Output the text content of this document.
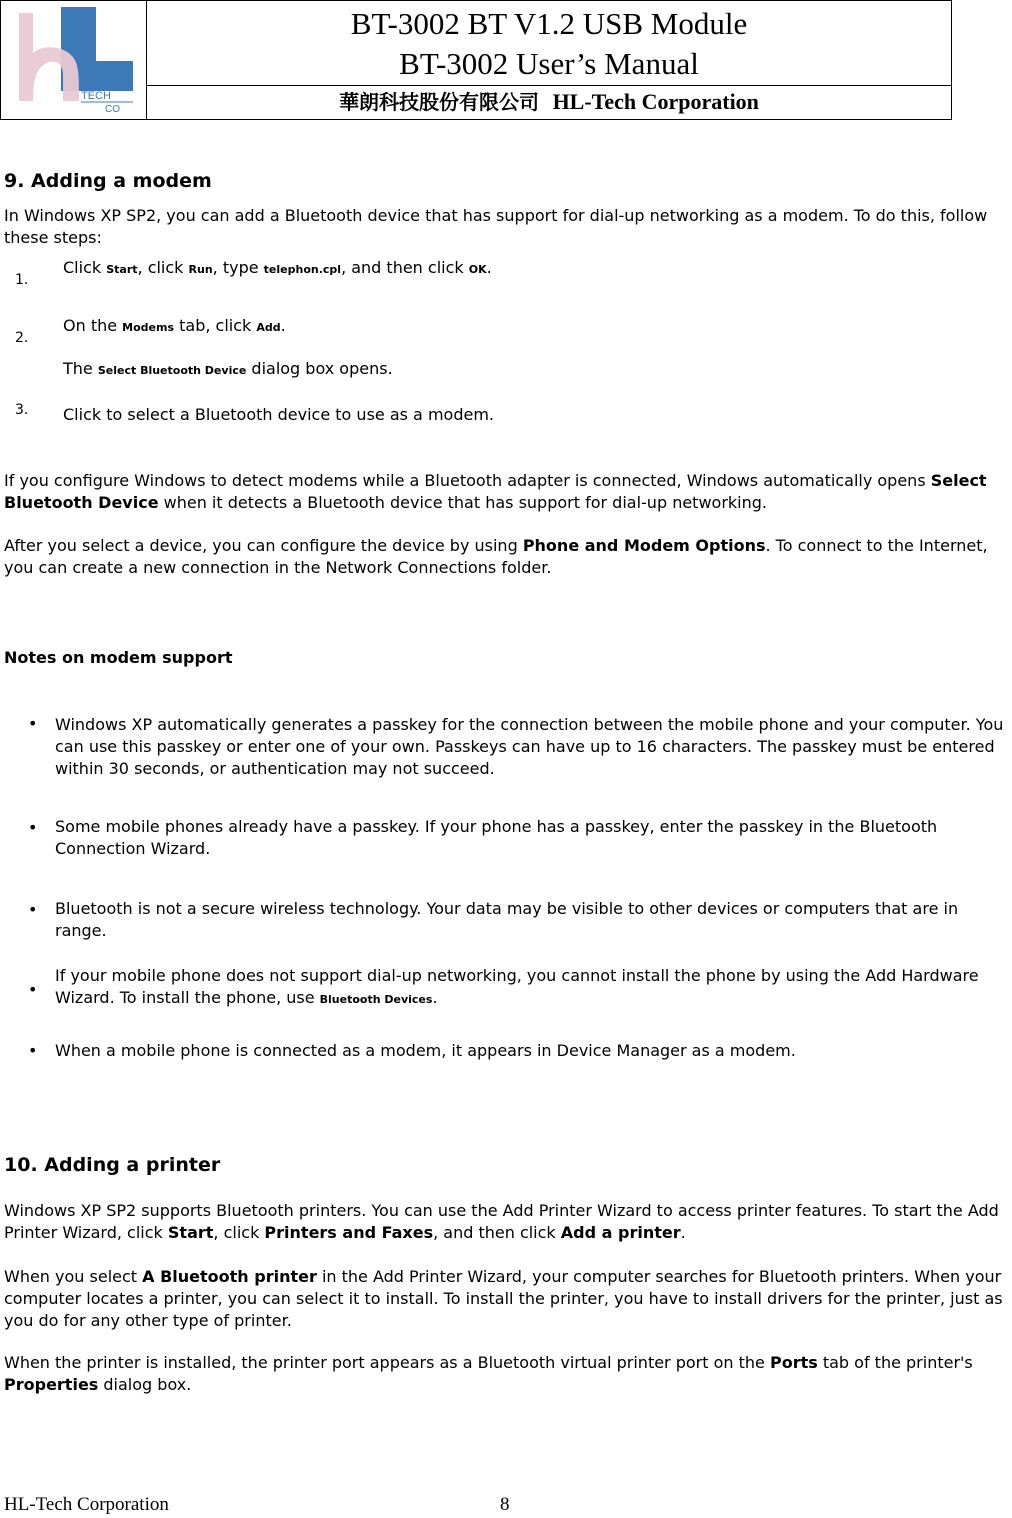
TECH
CO
BT-3002 BT V1.2 USB Module
BT-3002 User’s Manual
華朗科技股份有限公司 HL-Tech Corporation
9. Adding a modem

In Windows XP SP2, you can add a Bluetooth device that has support for dial-up networking as a modem. To do this, follow these steps:

1.
Click Start, click Run, type telephon.cpl, and then click OK.
2.
On the Modems tab, click Add.
The Select Bluetooth Device dialog box opens.
3. Click to select a Bluetooth device to use as a modem.

If you configure Windows to detect modems while a Bluetooth adapter is connected, Windows automatically opens Select Bluetooth Device when it detects a Bluetooth device that has support for dial-up networking.

After you select a device, you can configure the device by using Phone and Modem Options. To connect to the Internet, you can create a new connection in the Network Connections folder.

Notes on modem support
• Windows XP automatically generates a passkey for the connection between the mobile phone and your computer. You can use this passkey or enter one of your own. Passkeys can have up to 16 characters. The passkey must be entered within 30 seconds, or authentication may not succeed.

• Some mobile phones already have a passkey. If your phone has a passkey, enter the passkey in the Bluetooth Connection Wizard.

• Bluetooth is not a secure wireless technology. Your data may be visible to other devices or computers that are in range.

•

If your mobile phone does not support dial-up networking, you cannot install the phone by using the Add Hardware Wizard. To install the phone, use Bluetooth Devices.

• When a mobile phone is connected as a modem, it appears in Device Manager as a modem.

10. Adding a printer

Windows XP SP2 supports Bluetooth printers. You can use the Add Printer Wizard to access printer features. To start the Add Printer Wizard, click Start, click Printers and Faxes, and then click Add a printer.

When you select A Bluetooth printer in the Add Printer Wizard, your computer searches for Bluetooth printers. When your computer locates a printer, you can select it to install. To install the printer, you have to install drivers for the printer, just as you do for any other type of printer.

When the printer is installed, the printer port appears as a Bluetooth virtual printer port on the Ports tab of the printer's Properties dialog box.

HL-Tech Corporation	8
